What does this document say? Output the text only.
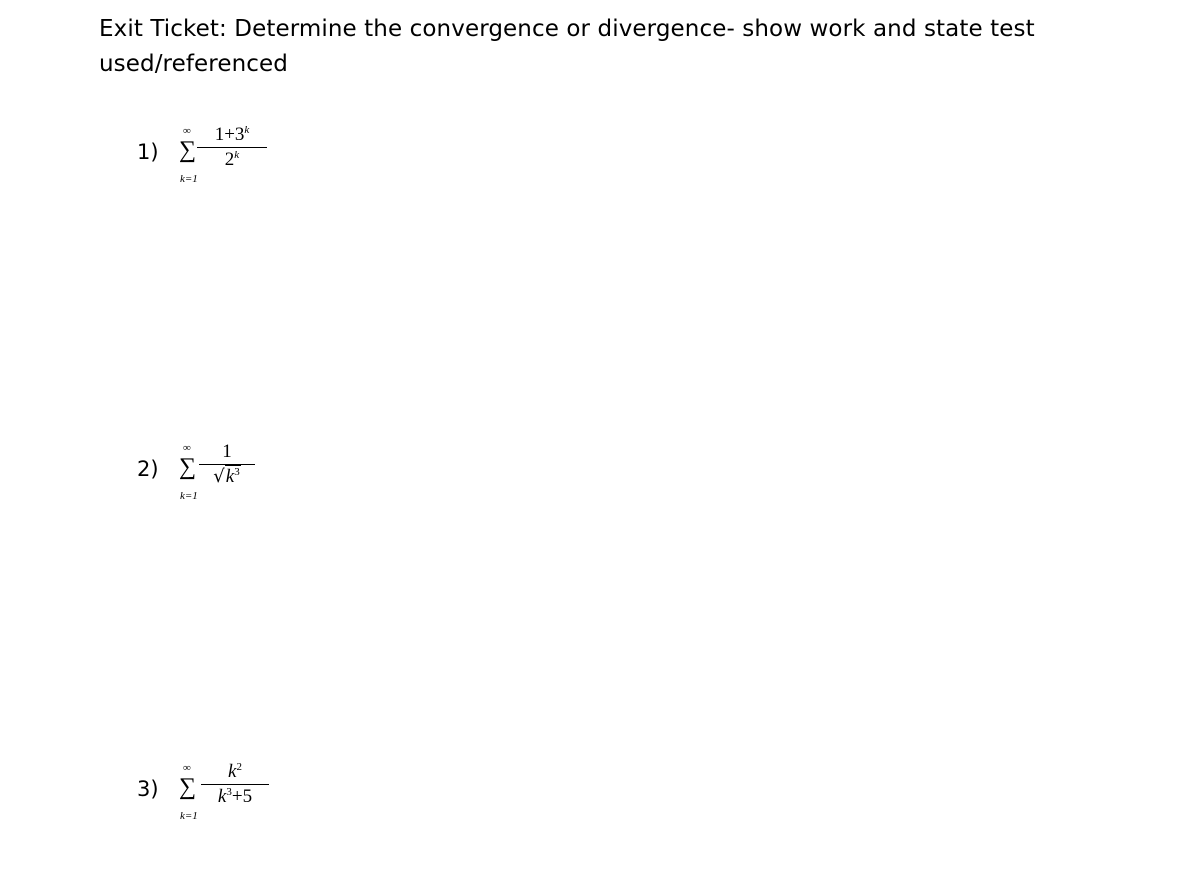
Exit Ticket: Determine the convergence or divergence- show work and state test used/referenced
1)
∞
∑
k=1
$1+3^k$
2$^k$
2)
∞
∑
k=1
1
$√k^3$
3)
∞
∑
k=1
$k^2$
$k^3+5$
